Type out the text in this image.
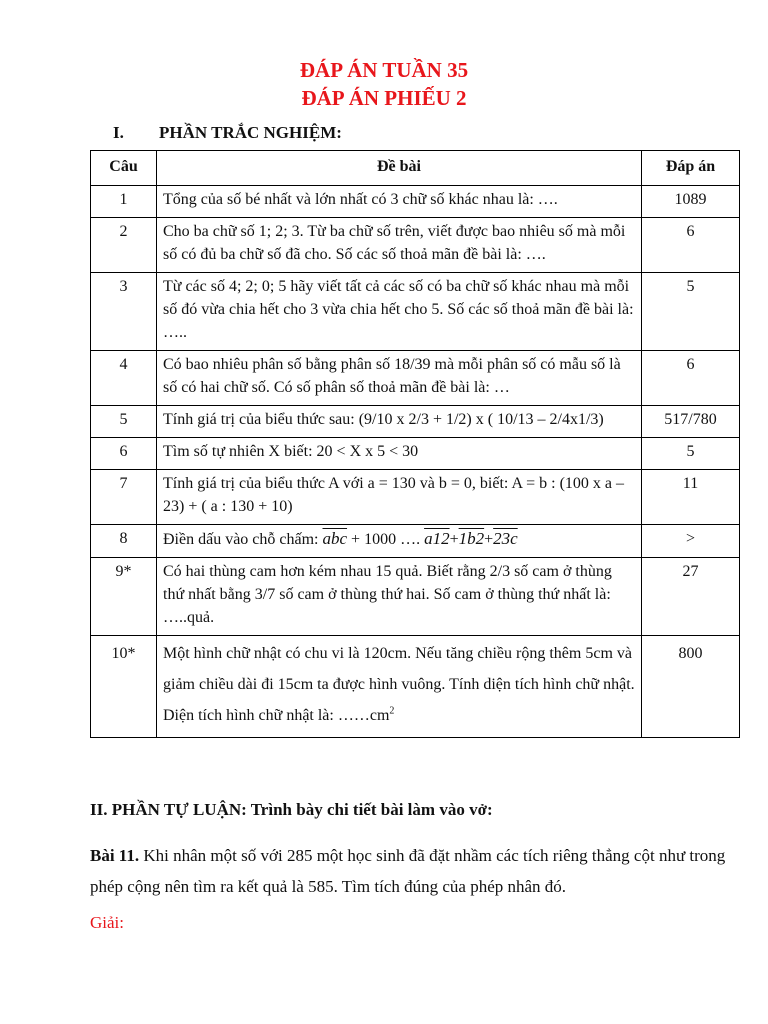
ĐÁP ÁN TUẦN 35
ĐÁP ÁN PHIẾU 2
I. PHẦN TRẮC NGHIỆM:
Câu	Đề bài	Đáp án
1	Tổng của số bé nhất và lớn nhất có 3 chữ số khác nhau là: ….	1089
2	Cho ba chữ số 1; 2; 3. Từ ba chữ số trên, viết được bao nhiêu số mà mỗi số có đủ ba chữ số đã cho. Số các số thoả mãn đề bài là: ….	6
3	Từ các số 4; 2; 0; 5 hãy viết tất cả các số có ba chữ số khác nhau mà mỗi số đó vừa chia hết cho 3 vừa chia hết cho 5. Số các số thoả mãn đề bài là: …..	5
4	Có bao nhiêu phân số bằng phân số 18/39 mà mỗi phân số có mẫu số là số có hai chữ số. Có số phân số thoả mãn đề bài là: …	6
5	Tính giá trị của biểu thức sau: (9/10 x 2/3 + 1/2) x ( 10/13 – 2/4x1/3)	517/780
6	Tìm số tự nhiên X biết: 20 < X x 5 < 30	5
7	Tính giá trị của biểu thức A với a = 130 và b = 0, biết: A = b : (100 x a – 23) + ( a : 130 + 10)	11
8	Điền dấu vào chỗ chấm: $\overline{abc} + 1000$ …. a12+1b2+23c	>
9*	Có hai thùng cam hơn kém nhau 15 quả. Biết rằng 2/3 số cam ở thùng thứ nhất bằng 3/7 số cam ở thùng thứ hai. Số cam ở thùng thứ nhất là: …..quả.	27
10*	Một hình chữ nhật có chu vi là 120cm. Nếu tăng chiều rộng thêm 5cm và giảm chiều dài đi 15cm ta được hình vuông. Tính diện tích hình chữ nhật. Diện tích hình chữ nhật là: $\dots\dots cm^2$	800
II. PHẦN TỰ LUẬN: Trình bày chi tiết bài làm vào vở:
Bài 11. Khi nhân một số với 285 một học sinh đã đặt nhầm các tích riêng thẳng cột như trong phép cộng nên tìm ra kết quả là 585. Tìm tích đúng của phép nhân đó.
Giải:
